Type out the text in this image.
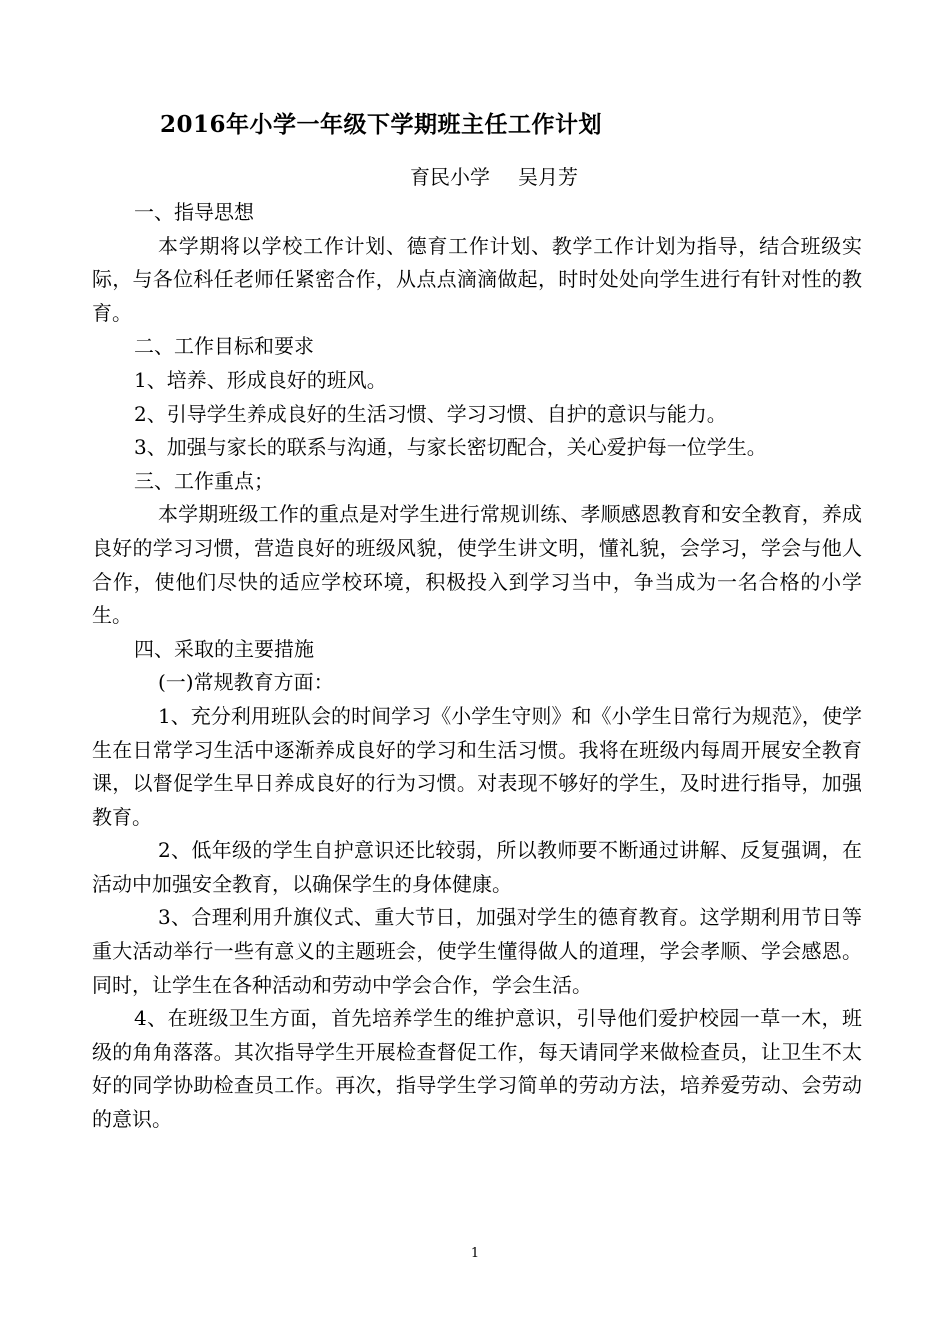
2016年小学一年级下学期班主任工作计划
育民小学 吴月芳

一、指导思想

本学期将以学校工作计划、德育工作计划、教学工作计划为指导，结合班级实际，与各位科任老师任紧密合作，从点点滴滴做起，时时处处向学生进行有针对性的教育。

二、工作目标和要求

1、培养、形成良好的班风。

2、引导学生养成良好的生活习惯、学习习惯、自护的意识与能力。

3、加强与家长的联系与沟通，与家长密切配合，关心爱护每一位学生。

三、工作重点；

本学期班级工作的重点是对学生进行常规训练、孝顺感恩教育和安全教育，养成良好的学习习惯，营造良好的班级风貌，使学生讲文明，懂礼貌，会学习，学会与他人合作，使他们尽快的适应学校环境，积极投入到学习当中，争当成为一名合格的小学生。

四、采取的主要措施

(一)常规教育方面：

1、充分利用班队会的时间学习《小学生守则》和《小学生日常行为规范》，使学生在日常学习生活中逐渐养成良好的学习和生活习惯。我将在班级内每周开展安全教育课，以督促学生早日养成良好的行为习惯。对表现不够好的学生，及时进行指导，加强教育。

2、低年级的学生自护意识还比较弱，所以教师要不断通过讲解、反复强调，在活动中加强安全教育，以确保学生的身体健康。

3、合理利用升旗仪式、重大节日，加强对学生的德育教育。这学期利用节日等重大活动举行一些有意义的主题班会，使学生懂得做人的道理，学会孝顺、学会感恩。同时，让学生在各种活动和劳动中学会合作，学会生活。

4、在班级卫生方面，首先培养学生的维护意识，引导他们爱护校园一草一木，班级的角角落落。其次指导学生开展检查督促工作，每天请同学来做检查员，让卫生不太好的同学协助检查员工作。再次，指导学生学习简单的劳动方法，培养爱劳动、会劳动的意识。

1
